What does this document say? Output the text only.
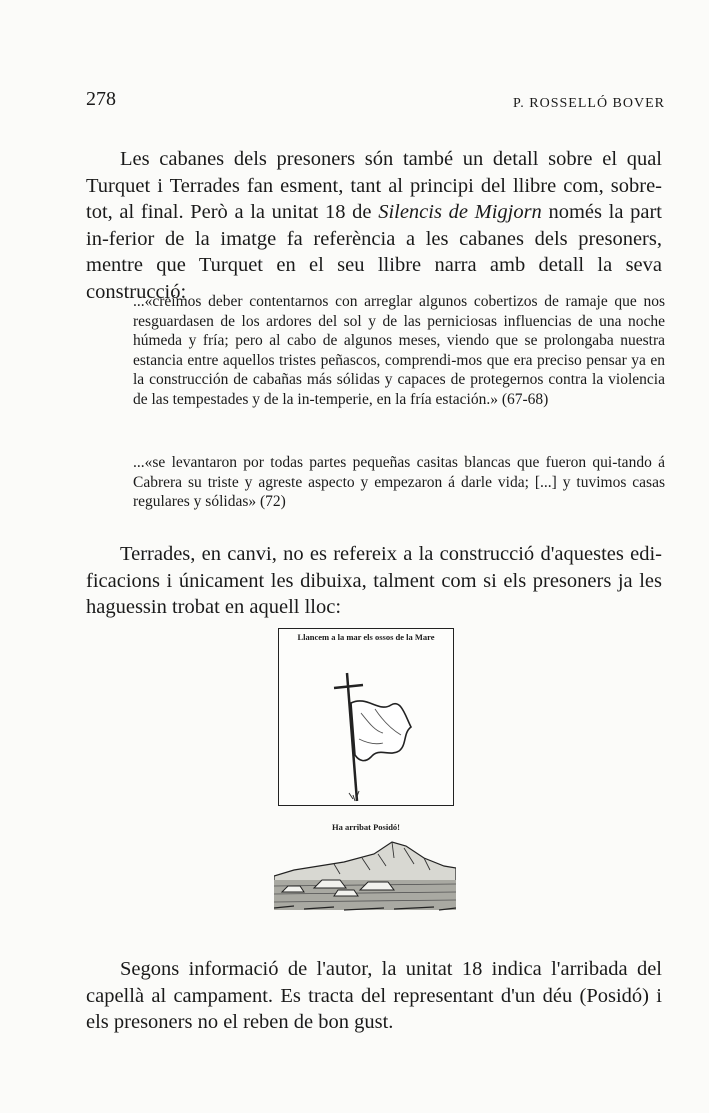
278	P. ROSSELLÓ BOVER

Les cabanes dels presoners són també un detall sobre el qual Turquet i Terrades fan esment, tant al principi del llibre com, sobre-tot, al final. Però a la unitat 18 de Silencis de Migjorn només la part in-ferior de la imatge fa referència a les cabanes dels presoners, mentre que Turquet en el seu llibre narra amb detall la seva construcció:

...«creímos deber contentarnos con arreglar algunos cobertizos de ramaje que nos resguardasen de los ardores del sol y de las perniciosas influencias de una noche húmeda y fría; pero al cabo de algunos meses, viendo que se prolongaba nuestra estancia entre aquellos tristes peñascos, comprendi-mos que era preciso pensar ya en la construcción de cabañas más sólidas y capaces de protegernos contra la violencia de las tempestades y de la in-temperie, en la fría estación.» (67-68)

...«se levantaron por todas partes pequeñas casitas blancas que fueron qui-tando á Cabrera su triste y agreste aspecto y empezaron á darle vida; [...] y tuvimos casas regulares y sólidas» (72)

Terrades, en canvi, no es refereix a la construcció d'aquestes edi-ficacions i únicament les dibuixa, talment com si els presoners ja les haguessin trobat en aquell lloc:

Llancem a la mar els ossos de la Mare
Ha arribat Posidó!

Segons informació de l'autor, la unitat 18 indica l'arribada del capellà al campament. Es tracta del representant d'un déu (Posidó) i els presoners no el reben de bon gust.
